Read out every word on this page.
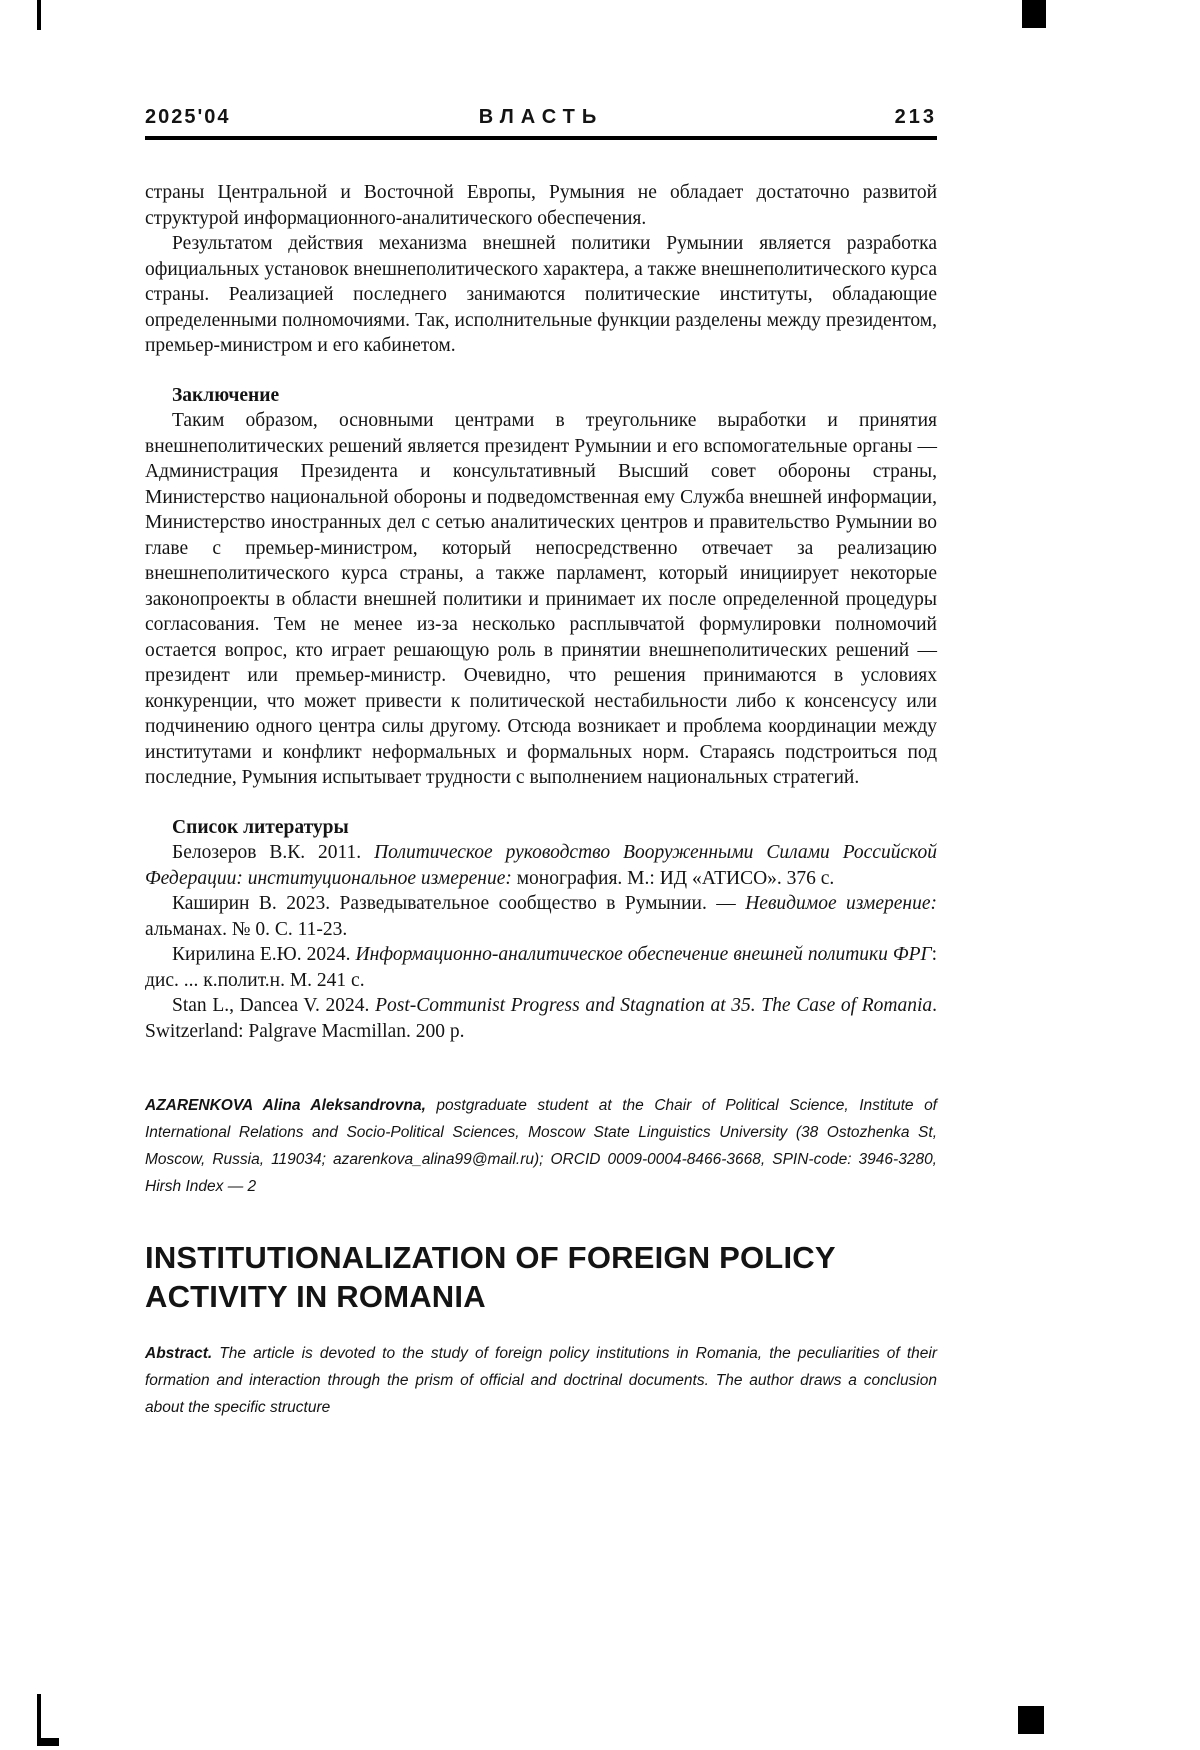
2025'04	ВЛАСТЬ	213

страны Центральной и Восточной Европы, Румыния не обладает достаточно развитой структурой информационного-аналитического обеспечения.

Результатом действия механизма внешней политики Румынии является разработка официальных установок внешнеполитического характера, а также внешнеполитического курса страны. Реализацией последнего занимаются политические институты, обладающие определенными полномочиями. Так, исполнительные функции разделены между президентом, премьер-министром и его кабинетом.

Заключение

Таким образом, основными центрами в треугольнике выработки и принятия внешнеполитических решений является президент Румынии и его вспомогательные органы — Администрация Президента и консультативный Высший совет обороны страны, Министерство национальной обороны и подведомственная ему Служба внешней информации, Министерство иностранных дел с сетью аналитических центров и правительство Румынии во главе с премьер-министром, который непосредственно отвечает за реализацию внешнеполитического курса страны, а также парламент, который инициирует некоторые законопроекты в области внешней политики и принимает их после определенной процедуры согласования. Тем не менее из-за несколько расплывчатой формулировки полномочий остается вопрос, кто играет решающую роль в принятии внешнеполитических решений — президент или премьер-министр. Очевидно, что решения принимаются в условиях конкуренции, что может привести к политической нестабильности либо к консенсусу или подчинению одного центра силы другому. Отсюда возникает и проблема координации между институтами и конфликт неформальных и формальных норм. Стараясь подстроиться под последние, Румыния испытывает трудности с выполнением национальных стратегий.

Список литературы

Белозеров В.К. 2011. Политическое руководство Вооруженными Силами Российской Федерации: институциональное измерение: монография. М.: ИД «АТИСО». 376 с.

Каширин В. 2023. Разведывательное сообщество в Румынии. — Невидимое измерение: альманах. № 0. С. 11-23.

Кирилина Е.Ю. 2024. Информационно-аналитическое обеспечение внешней политики ФРГ: дис. ... к.полит.н. М. 241 с.

Stan L., Dancea V. 2024. Post-Communist Progress and Stagnation at 35. The Case of Romania. Switzerland: Palgrave Macmillan. 200 p.

AZARENKOVA Alina Aleksandrovna, postgraduate student at the Chair of Political Science, Institute of International Relations and Socio-Political Sciences, Moscow State Linguistics University (38 Ostozhenka St, Moscow, Russia, 119034; azarenkova_alina99@mail.ru); ORCID 0009-0004-8466-3668, SPIN-code: 3946-3280, Hirsh Index — 2
INSTITUTIONALIZATION OF FOREIGN POLICY ACTIVITY IN ROMANIA

Abstract. The article is devoted to the study of foreign policy institutions in Romania, the peculiarities of their formation and interaction through the prism of official and doctrinal documents. The author draws a conclusion about the specific structure
